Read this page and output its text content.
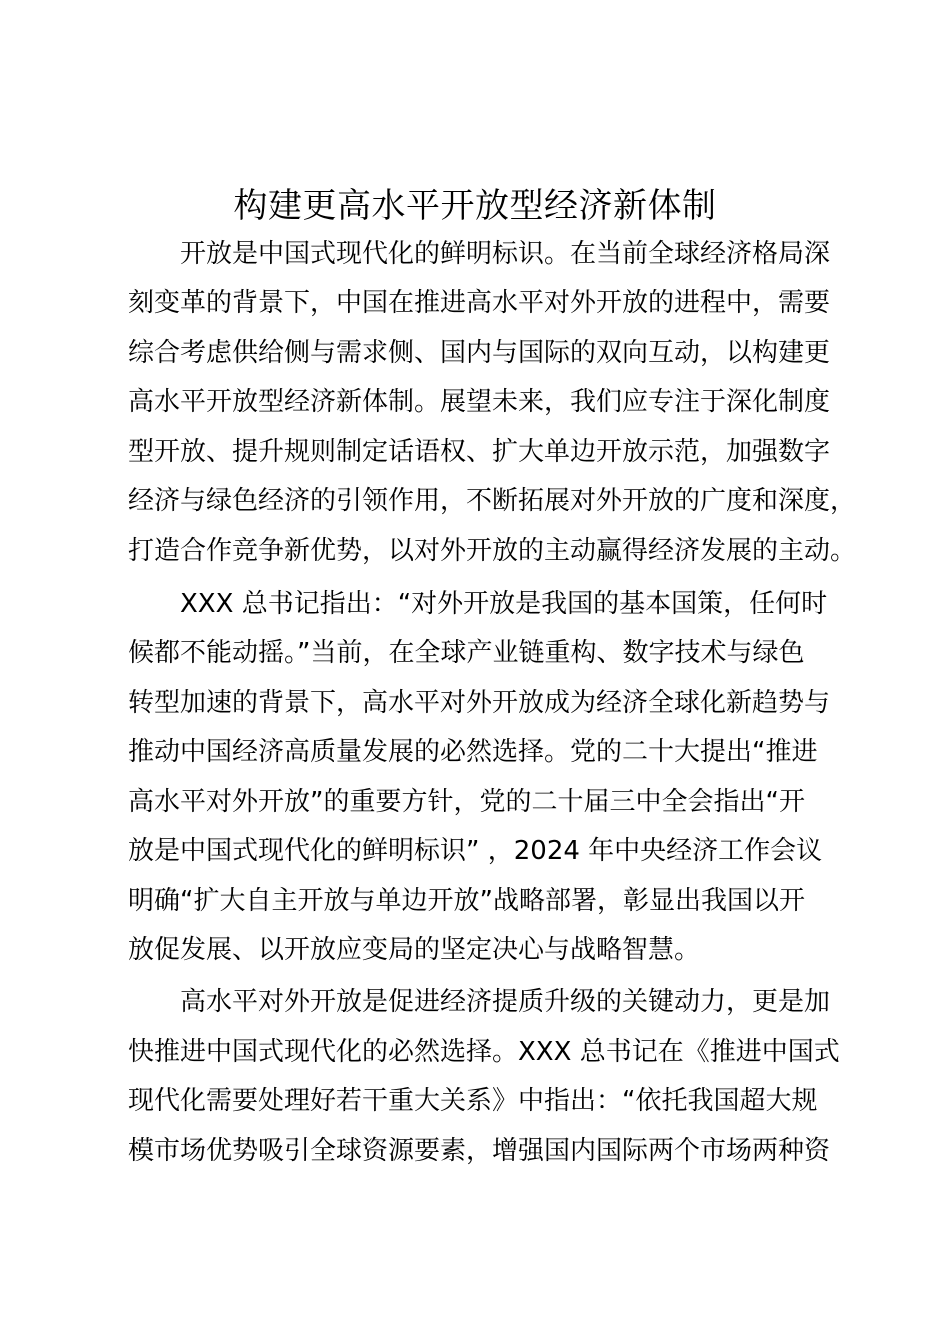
构建更高水平开放型经济新体制
开放是中国式现代化的鲜明标识。在当前全球经济格局深
刻变革的背景下，中国在推进高水平对外开放的进程中，需要
综合考虑供给侧与需求侧、国内与国际的双向互动，以构建更
高水平开放型经济新体制。展望未来，我们应专注于深化制度
型开放、提升规则制定话语权、扩大单边开放示范，加强数字
经济与绿色经济的引领作用，不断拓展对外开放的广度和深度，
打造合作竞争新优势，以对外开放的主动赢得经济发展的主动。
XXX 总书记指出：“对外开放是我国的基本国策，任何时
候都不能动摇。”当前，在全球产业链重构、数字技术与绿色
转型加速的背景下，高水平对外开放成为经济全球化新趋势与
推动中国经济高质量发展的必然选择。党的二十大提出“推进
高水平对外开放”的重要方针，党的二十届三中全会指出“开
放是中国式现代化的鲜明标识” ，2024 年中央经济工作会议
明确“扩大自主开放与单边开放”战略部署，彰显出我国以开
放促发展、以开放应变局的坚定决心与战略智慧。
高水平对外开放是促进经济提质升级的关键动力，更是加
快推进中国式现代化的必然选择。XXX 总书记在《推进中国式
现代化需要处理好若干重大关系》中指出：“依托我国超大规
模市场优势吸引全球资源要素，增强国内国际两个市场两种资
